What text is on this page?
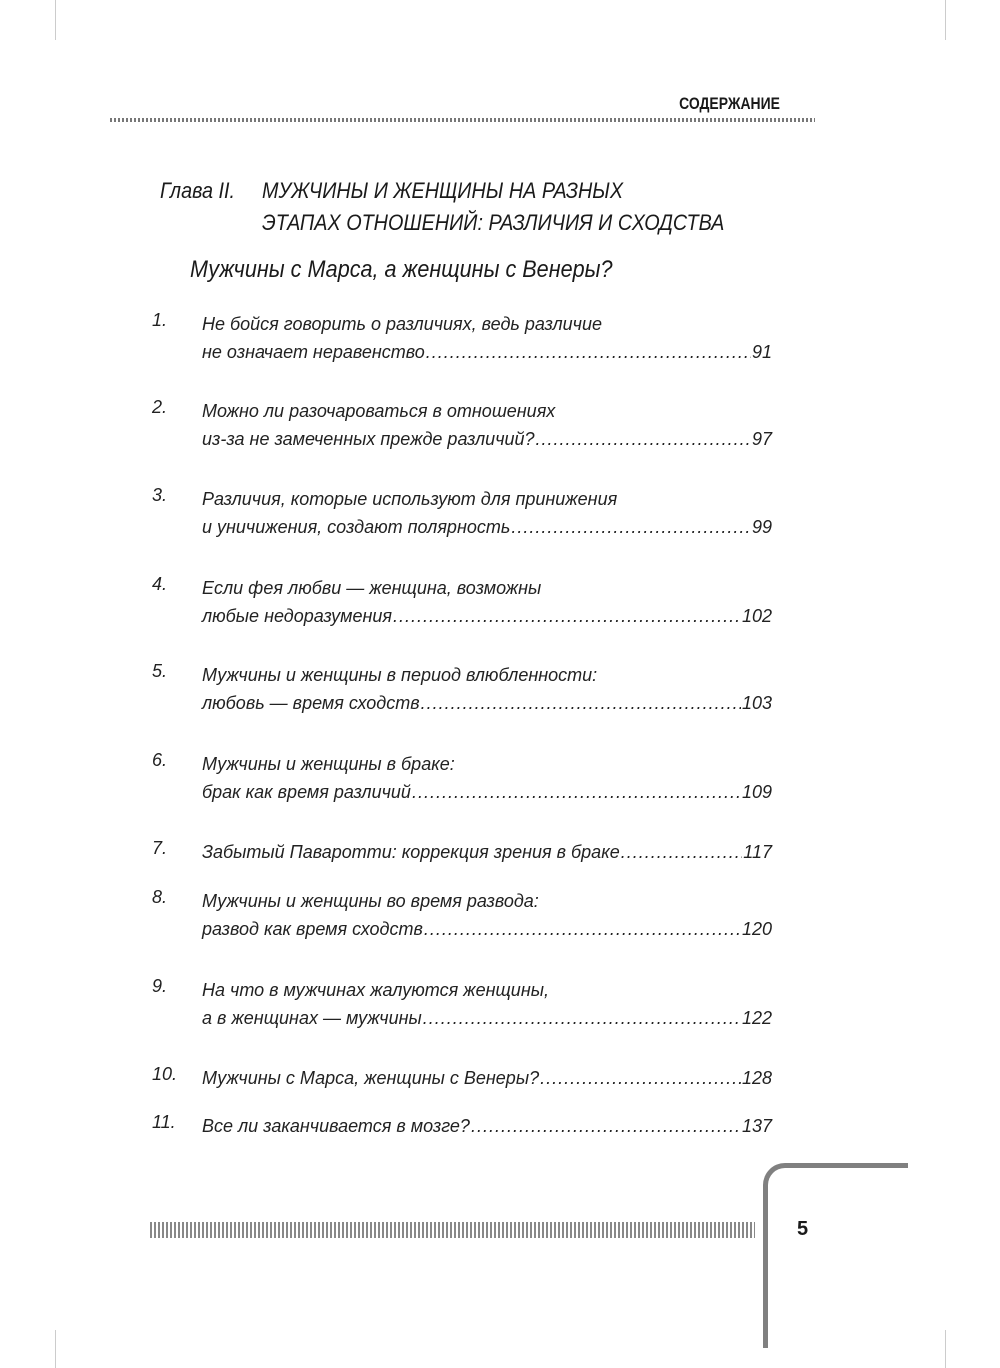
СОДЕРЖАНИЕ
Глава II. МУЖЧИНЫ И ЖЕНЩИНЫ НА РАЗНЫХ
ЭТАПАХ ОТНОШЕНИЙ: РАЗЛИЧИЯ И СХОДСТВА
Мужчины с Марса, а женщины с Венеры?
1. Не бойся говорить о различиях, ведь различие
не означает неравенство .....	91
2. Можно ли разочароваться в отношениях
из-за не замеченных прежде различий? .....	97
3. Различия, которые используют для принижения
и уничижения, создают полярность .....	99
4. Если фея любви — женщина, возможны
любые недоразумения .....	102
5. Мужчины и женщины в период влюбленности:
любовь — время сходств .....	103
6. Мужчины и женщины в браке:
брак как время различий .....	109
7. Забытый Паваротти: коррекция зрения в браке .....	117
8. Мужчины и женщины во время развода:
развод как время сходств .....	120
9. На что в мужчинах жалуются женщины,
а в женщинах — мужчины .....	122
10. Мужчины с Марса, женщины с Венеры? .....	128
11. Все ли заканчивается в мозге? .....	137
5
